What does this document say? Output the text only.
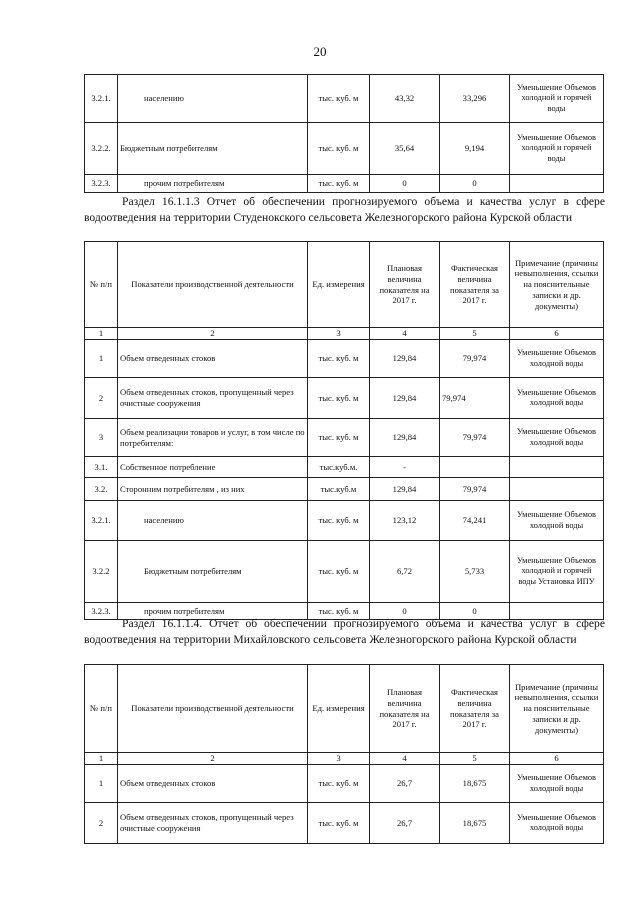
20
3.2.1.	населению	тыс. куб. м	43,32	33,296	Уменьшение Объемов холодной и горячей воды
3.2.2.	Бюджетным потребителям	тыс. куб. м	35,64	9,194	Уменьшение Объемов холодной и горячей воды
3.2.3.	прочим потребителям	тыс. куб. м	0	0	
Раздел 16.1.1.3 Отчет об обеспечении прогнозируемого объема и качества услуг в сфере водоотведения на территории Студенокского сельсовета Железногорского района Курской области
№ п/п	Показатели производственной деятельности	Ед. измерения	Плановая величина показателя на 2017 г.	Фактическая величина показателя за 2017 г.	Примечание (причины невыполнения, ссылки на пояснительные записки и др. документы)
1	2	3	4	5	6
1	Объем отведенных стоков	тыс. куб. м	129,84	79,974	Уменьшение Объемов холодной воды
2	Объем отведенных стоков, пропущенный через очистные сооружения	тыс. куб. м	129,84	79,974	Уменьшение Объемов холодной воды
3	Объем реализации товаров и услуг, в том числе по потребителям:	тыс. куб. м	129,84	79,974	Уменьшение Объемов холодной воды
3.1.	Собственное потребление	тыс.куб.м.	-		
3.2.	Сторонним потребителям , из них	тыс.куб.м	129,84	79,974	
3.2.1.	населению	тыс. куб. м	123,12	74,241	Уменьшение Объемов холодной воды
3.2.2	Бюджетным потребителям	тыс. куб. м	6,72	5,733	Уменьшение Объемов холодной и горячей воды Установка ИПУ
3.2.3.	прочим потребителям	тыс. куб. м	0	0	
Раздел 16.1.1.4. Отчет об обеспечении прогнозируемого объема и качества услуг в сфере водоотведения на территории Михайловского сельсовета Железногорского района Курской области
№ п/п	Показатели производственной деятельности	Ед. измерения	Плановая величина показателя на 2017 г.	Фактическая величина показателя за 2017 г.	Примечание (причины невыполнения, ссылки на пояснительные записки и др. документы)
1	2	3	4	5	6
1	Объем отведенных стоков	тыс. куб. м	26,7	18,675	Уменьшение Объемов холодной воды
2	Объем отведенных стоков, пропущенный через очистные сооружения	тыс. куб. м	26,7	18,675	Уменьшение Объемов холодной воды
